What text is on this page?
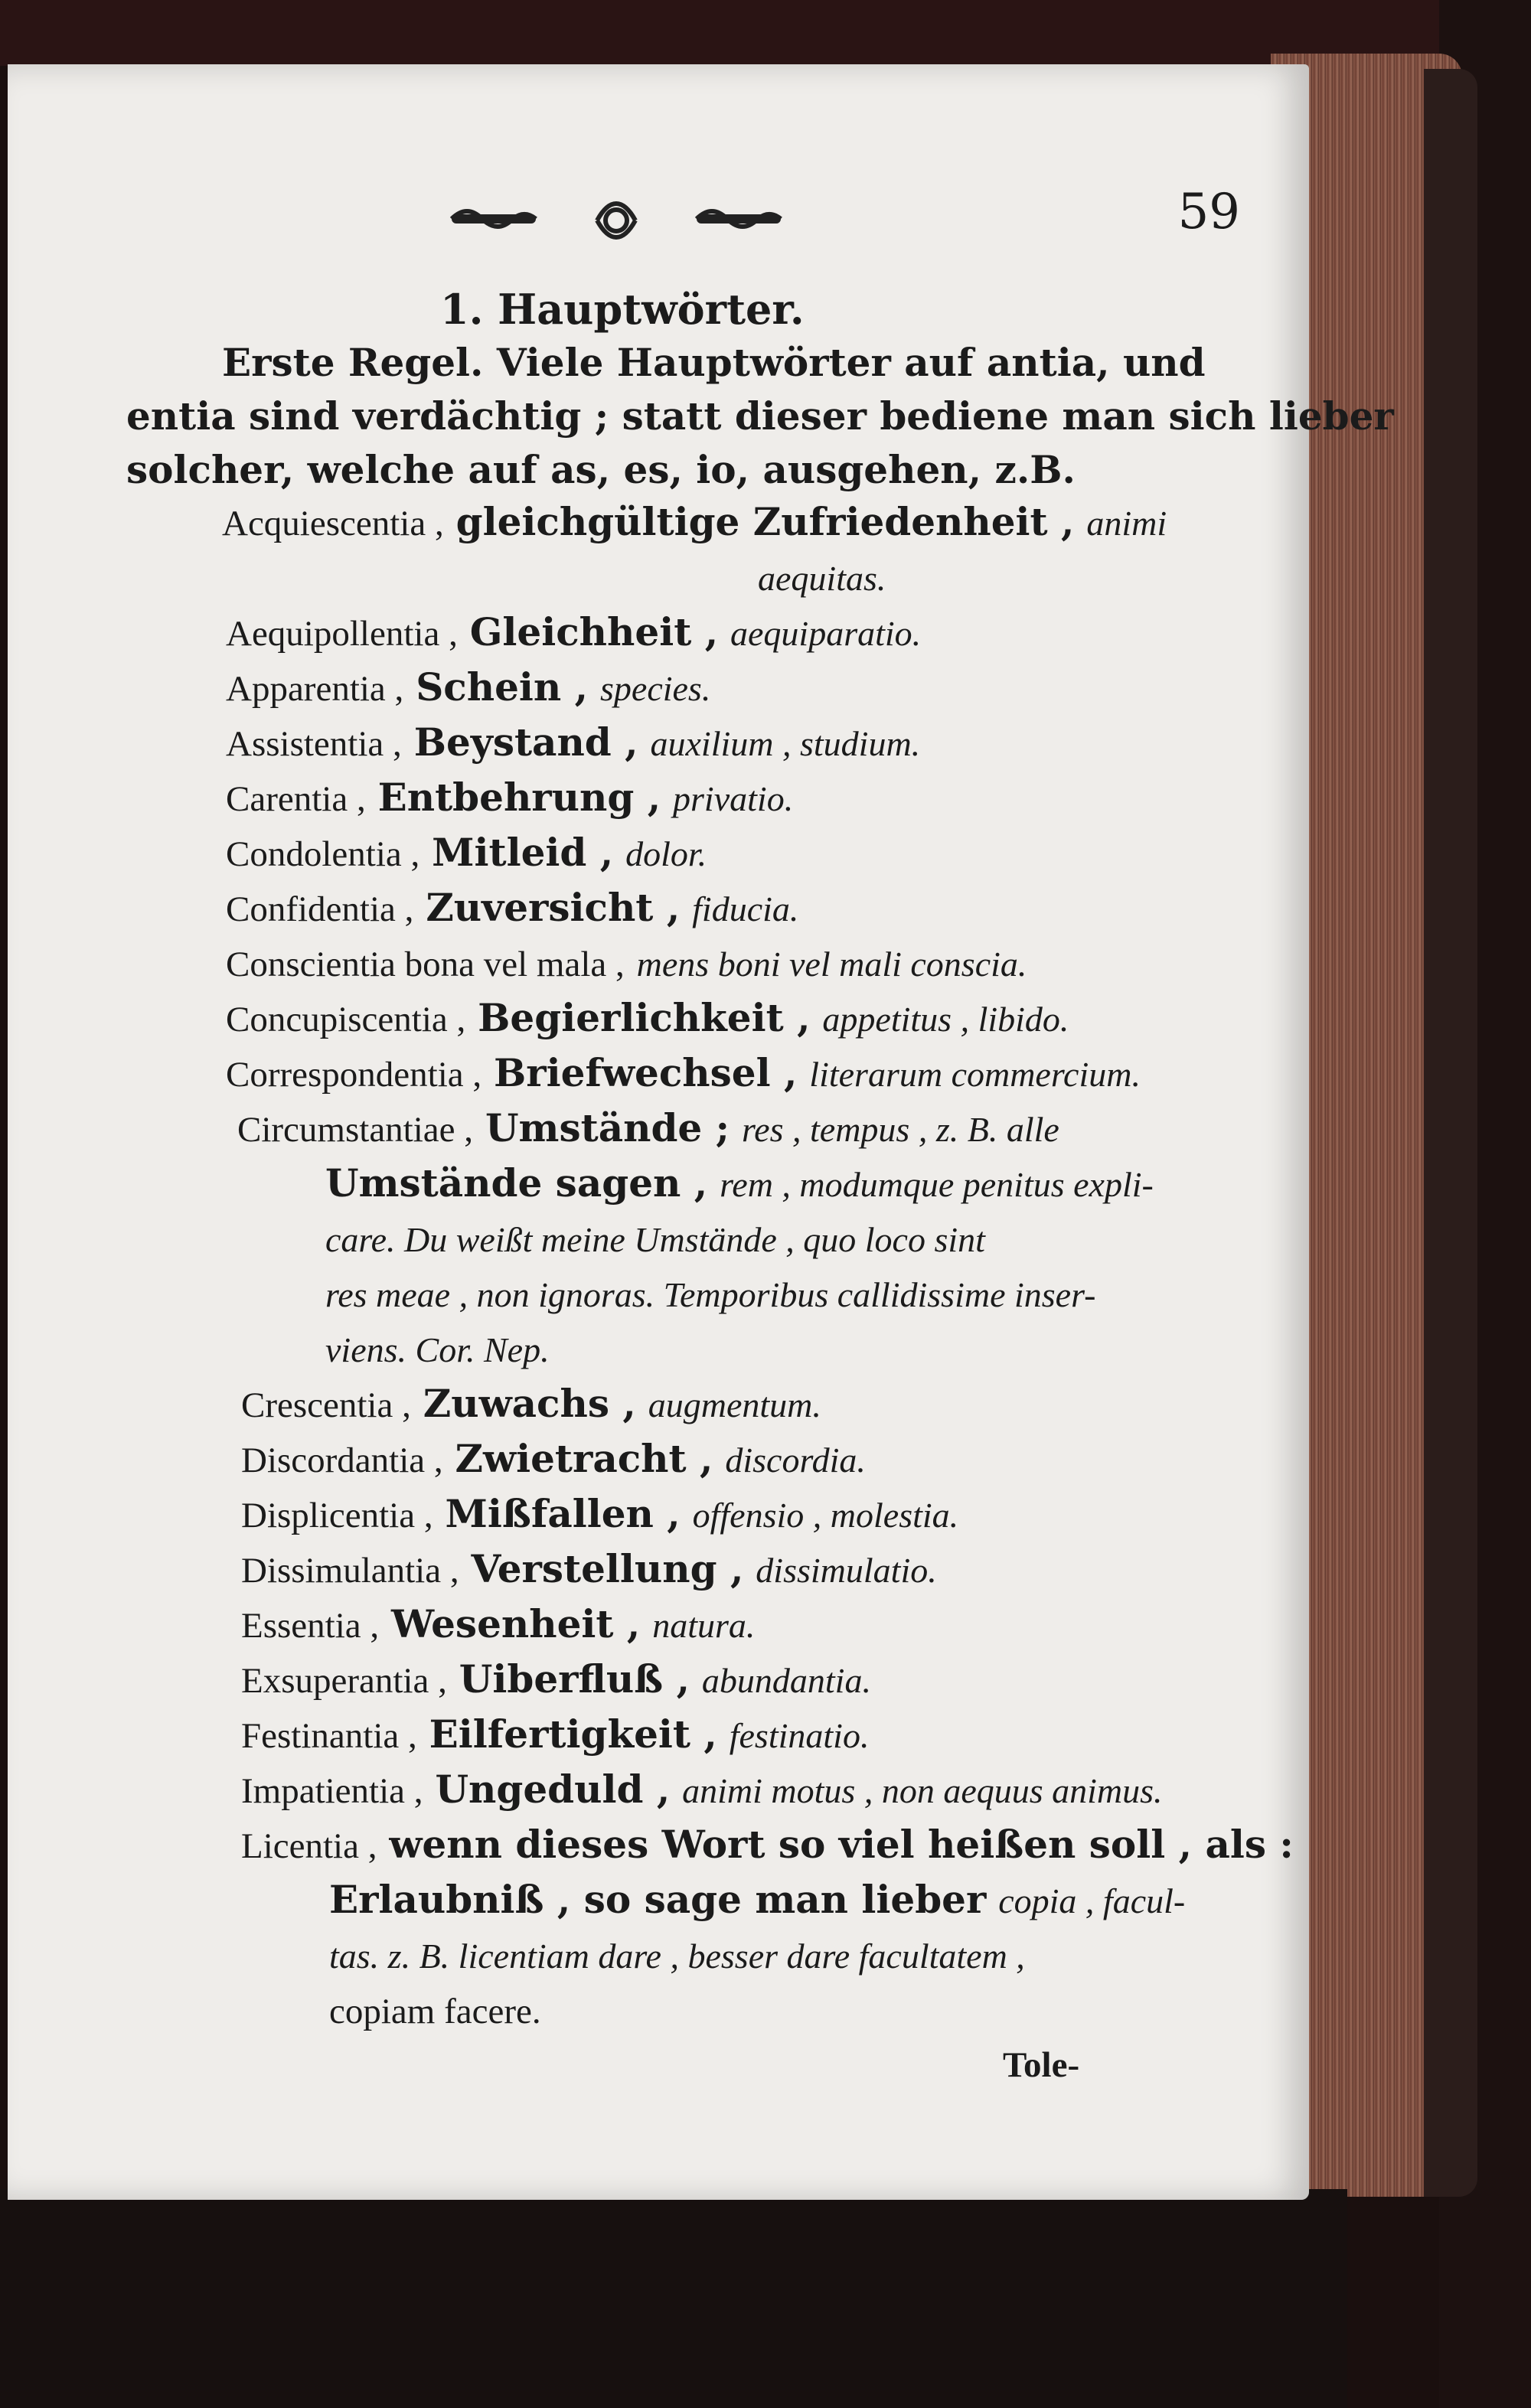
59
1. Hauptwörter.
Erste Regel. Viele Hauptwörter auf antia, und
entia sind verdächtig ; statt dieser bediene man sich lieber
solcher, welche auf as, es, io, ausgehen, z.B.
Acquiescentia , gleichgültige Zufriedenheit , animi
aequitas.
Aequipollentia , Gleichheit , aequiparatio.
Apparentia , Schein , species.
Assistentia , Beystand , auxilium , studium.
Carentia , Entbehrung , privatio.
Condolentia , Mitleid , dolor.
Confidentia , Zuversicht , fiducia.
Conscientia bona vel mala , mens boni vel mali conscia.
Concupiscentia , Begierlichkeit , appetitus , libido.
Correspondentia , Briefwechsel , literarum commercium.
Circumstantiae , Umstände ; res , tempus , z. B. alle
Umstände sagen , rem , modumque penitus expli-
care. Du weißt meine Umstände , quo loco sint
res meae , non ignoras. Temporibus callidissime inser-
viens. Cor. Nep.
Crescentia , Zuwachs , augmentum.
Discordantia , Zwietracht , discordia.
Displicentia , Mißfallen , offensio , molestia.
Dissimulantia , Verstellung , dissimulatio.
Essentia , Wesenheit , natura.
Exsuperantia , Uiberfluß , abundantia.
Festinantia , Eilfertigkeit , festinatio.
Impatientia , Ungeduld , animi motus , non aequus animus.
Licentia , wenn dieses Wort so viel heißen soll , als :
Erlaubniß , so sage man lieber copia , facul-
tas. z. B. licentiam dare , besser dare facultatem ,
copiam facere.
Tole-
